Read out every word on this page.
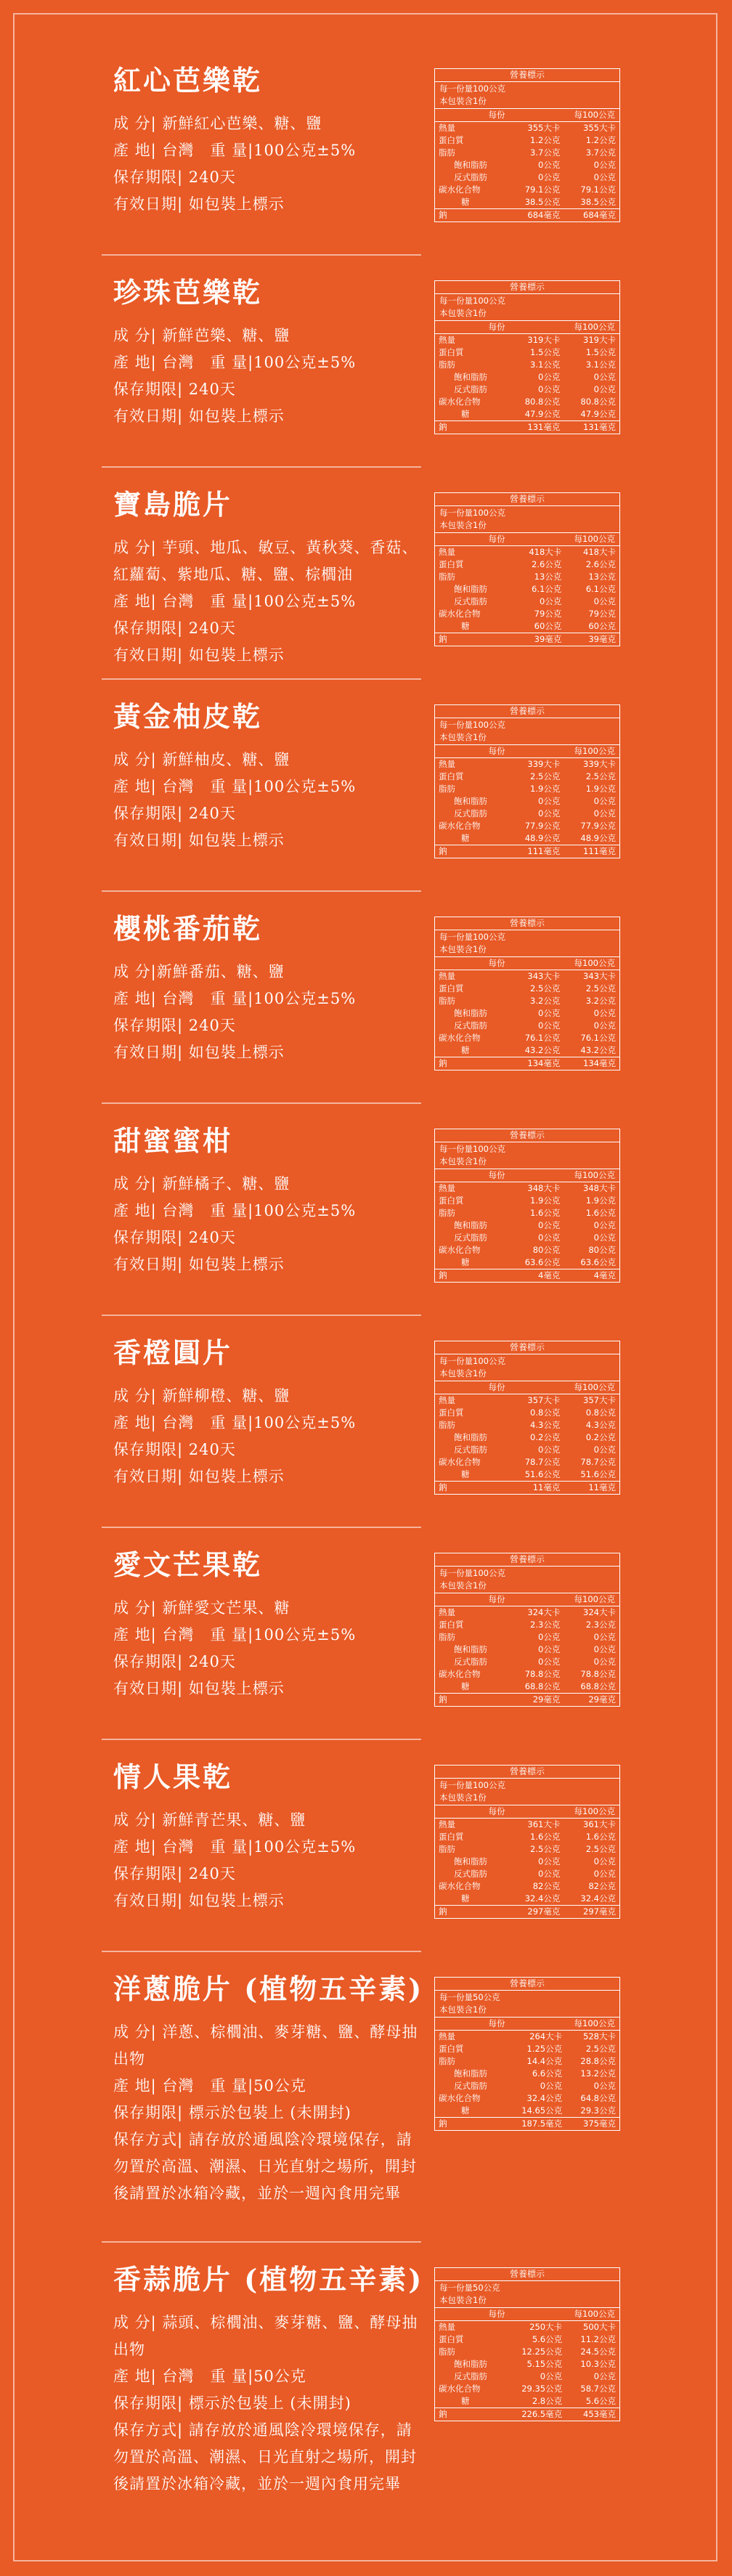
紅心芭樂乾
成 分| 新鮮紅心芭樂、糖、鹽
產 地| 台灣　重 量|100公克±5%
保存期限| 240天
有效日期| 如包裝上標示
營養標示
每一份量100公克
本包裝含1份
每份	每100公克
熱量	355大卡	355大卡
蛋白質	1.2公克	1.2公克
脂肪	3.7公克	3.7公克
飽和脂肪	0公克	0公克
反式脂肪	0公克	0公克
碳水化合物	79.1公克	79.1公克
糖	38.5公克	38.5公克
鈉	684毫克	684毫克
珍珠芭樂乾
成 分| 新鮮芭樂、糖、鹽
產 地| 台灣　重 量|100公克±5%
保存期限| 240天
有效日期| 如包裝上標示
營養標示
每一份量100公克
本包裝含1份
每份	每100公克
熱量	319大卡	319大卡
蛋白質	1.5公克	1.5公克
脂肪	3.1公克	3.1公克
飽和脂肪	0公克	0公克
反式脂肪	0公克	0公克
碳水化合物	80.8公克	80.8公克
糖	47.9公克	47.9公克
鈉	131毫克	131毫克
寶島脆片
成 分| 芋頭、地瓜、敏豆、黃秋葵、香菇、紅蘿蔔、紫地瓜、糖、鹽、棕櫚油
產 地| 台灣　重 量|100公克±5%
保存期限| 240天
有效日期| 如包裝上標示
營養標示
每一份量100公克
本包裝含1份
每份	每100公克
熱量	418大卡	418大卡
蛋白質	2.6公克	2.6公克
脂肪	13公克	13公克
飽和脂肪	6.1公克	6.1公克
反式脂肪	0公克	0公克
碳水化合物	79公克	79公克
糖	60公克	60公克
鈉	39毫克	39毫克
黃金柚皮乾
成 分| 新鮮柚皮、糖、鹽
產 地| 台灣　重 量|100公克±5%
保存期限| 240天
有效日期| 如包裝上標示
營養標示
每一份量100公克
本包裝含1份
每份	每100公克
熱量	339大卡	339大卡
蛋白質	2.5公克	2.5公克
脂肪	1.9公克	1.9公克
飽和脂肪	0公克	0公克
反式脂肪	0公克	0公克
碳水化合物	77.9公克	77.9公克
糖	48.9公克	48.9公克
鈉	111毫克	111毫克
櫻桃番茄乾
成 分|新鮮番茄、糖、鹽
產 地| 台灣　重 量|100公克±5%
保存期限| 240天
有效日期| 如包裝上標示
營養標示
每一份量100公克
本包裝含1份
每份	每100公克
熱量	343大卡	343大卡
蛋白質	2.5公克	2.5公克
脂肪	3.2公克	3.2公克
飽和脂肪	0公克	0公克
反式脂肪	0公克	0公克
碳水化合物	76.1公克	76.1公克
糖	43.2公克	43.2公克
鈉	134毫克	134毫克
甜蜜蜜柑
成 分| 新鮮橘子、糖、鹽
產 地| 台灣　重 量|100公克±5%
保存期限| 240天
有效日期| 如包裝上標示
營養標示
每一份量100公克
本包裝含1份
每份	每100公克
熱量	348大卡	348大卡
蛋白質	1.9公克	1.9公克
脂肪	1.6公克	1.6公克
飽和脂肪	0公克	0公克
反式脂肪	0公克	0公克
碳水化合物	80公克	80公克
糖	63.6公克	63.6公克
鈉	4毫克	4毫克
香橙圓片
成 分| 新鮮柳橙、糖、鹽
產 地| 台灣　重 量|100公克±5%
保存期限| 240天
有效日期| 如包裝上標示
營養標示
每一份量100公克
本包裝含1份
每份	每100公克
熱量	357大卡	357大卡
蛋白質	0.8公克	0.8公克
脂肪	4.3公克	4.3公克
飽和脂肪	0.2公克	0.2公克
反式脂肪	0公克	0公克
碳水化合物	78.7公克	78.7公克
糖	51.6公克	51.6公克
鈉	11毫克	11毫克
愛文芒果乾
成 分| 新鮮愛文芒果、糖
產 地| 台灣　重 量|100公克±5%
保存期限| 240天
有效日期| 如包裝上標示
營養標示
每一份量100公克
本包裝含1份
每份	每100公克
熱量	324大卡	324大卡
蛋白質	2.3公克	2.3公克
脂肪	0公克	0公克
飽和脂肪	0公克	0公克
反式脂肪	0公克	0公克
碳水化合物	78.8公克	78.8公克
糖	68.8公克	68.8公克
鈉	29毫克	29毫克
情人果乾
成 分| 新鮮青芒果、糖、鹽
產 地| 台灣　重 量|100公克±5%
保存期限| 240天
有效日期| 如包裝上標示
營養標示
每一份量100公克
本包裝含1份
每份	每100公克
熱量	361大卡	361大卡
蛋白質	1.6公克	1.6公克
脂肪	2.5公克	2.5公克
飽和脂肪	0公克	0公克
反式脂肪	0公克	0公克
碳水化合物	82公克	82公克
糖	32.4公克	32.4公克
鈉	297毫克	297毫克
洋蔥脆片 (植物五辛素)
成 分| 洋蔥、棕櫚油、麥芽糖、鹽、酵母抽出物
產 地| 台灣　重 量|50公克
保存期限| 標示於包裝上 (未開封)
保存方式| 請存放於通風陰冷環境保存，請勿置於高溫、潮濕、日光直射之場所，開封後請置於冰箱冷藏，並於一週內食用完畢
營養標示
每一份量50公克
本包裝含1份
每份	每100公克
熱量	264大卡	528大卡
蛋白質	1.25公克	2.5公克
脂肪	14.4公克	28.8公克
飽和脂肪	6.6公克	13.2公克
反式脂肪	0公克	0公克
碳水化合物	32.4公克	64.8公克
糖	14.65公克	29.3公克
鈉	187.5毫克	375毫克
香蒜脆片 (植物五辛素)
成 分| 蒜頭、棕櫚油、麥芽糖、鹽、酵母抽出物
產 地| 台灣　重 量|50公克
保存期限| 標示於包裝上 (未開封)
保存方式| 請存放於通風陰冷環境保存，請勿置於高溫、潮濕、日光直射之場所，開封後請置於冰箱冷藏，並於一週內食用完畢
營養標示
每一份量50公克
本包裝含1份
每份	每100公克
熱量	250大卡	500大卡
蛋白質	5.6公克	11.2公克
脂肪	12.25公克	24.5公克
飽和脂肪	5.15公克	10.3公克
反式脂肪	0公克	0公克
碳水化合物	29.35公克	58.7公克
糖	2.8公克	5.6公克
鈉	226.5毫克	453毫克
